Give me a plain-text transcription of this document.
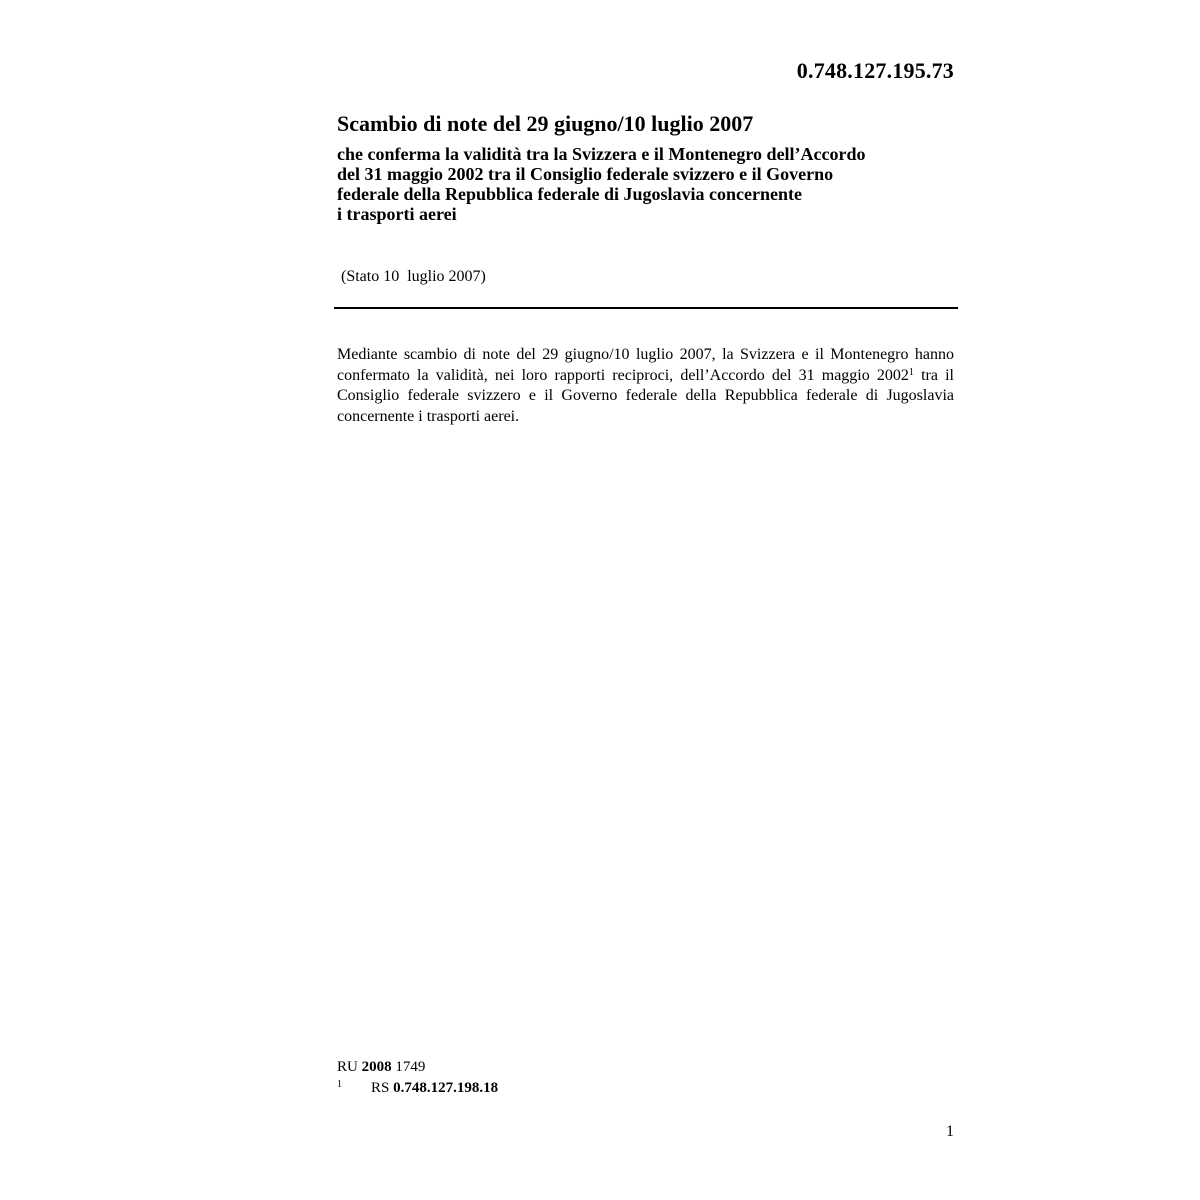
0.748.127.195.73
Scambio di note del 29 giugno/10 luglio 2007
che conferma la validità tra la Svizzera e il Montenegro dell’Accordo
del 31 maggio 2002 tra il Consiglio federale svizzero e il Governo
federale della Repubblica federale di Jugoslavia concernente
i trasporti aerei
(Stato 10  luglio 2007)

Mediante scambio di note del 29 giugno/10 luglio 2007, la Svizzera e il Montenegro hanno confermato la validità, nei loro rapporti reciproci, dell’Accordo del 31 maggio 2002$^1$ tra il Consiglio federale svizzero e il Governo federale della Repubblica federale di Jugoslavia concernente i trasporti aerei.

RU 2008 1749
1 RS 0.748.127.198.18
1
